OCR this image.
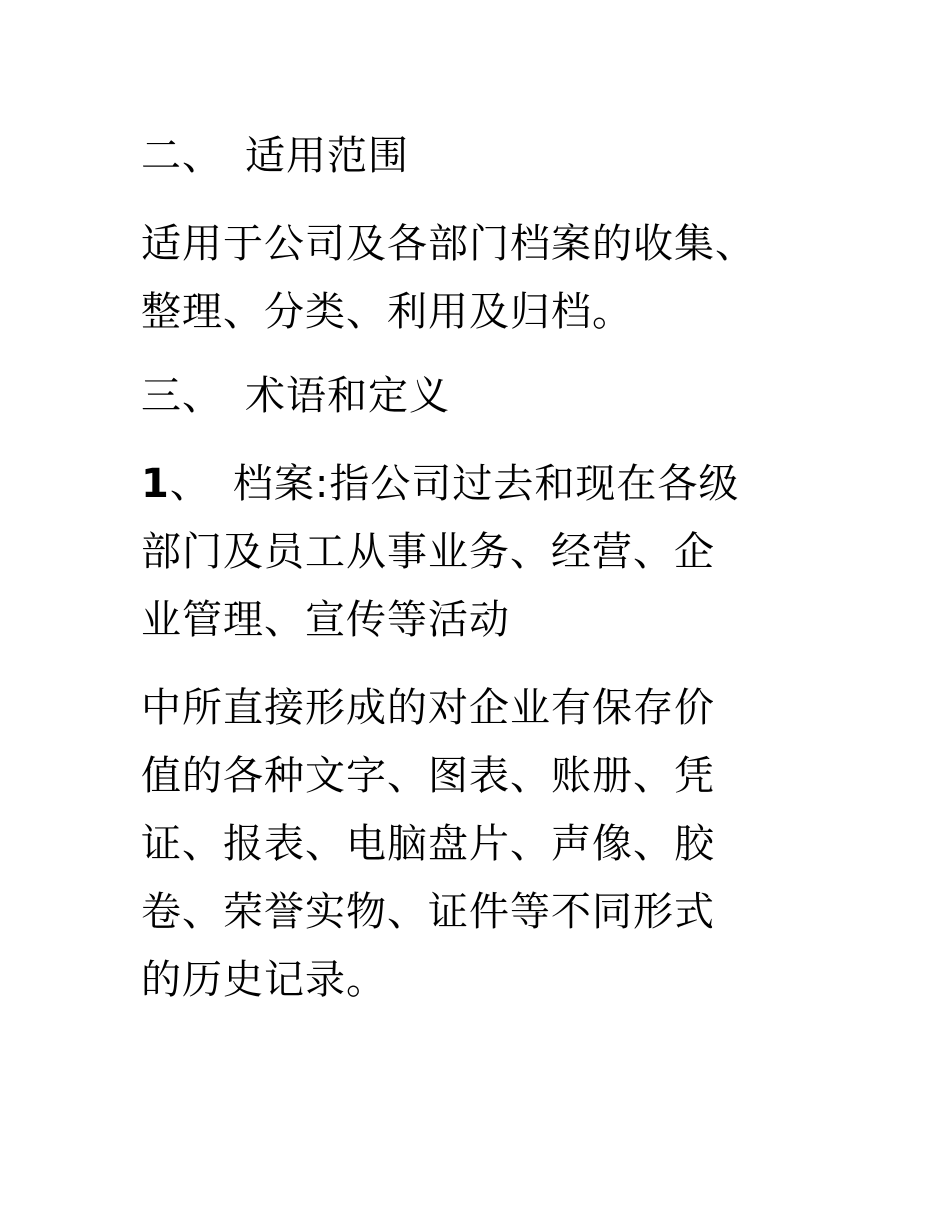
二、 适用范围
适用于公司及各部门档案的收集、
整理、分类、利用及归档。
三、 术语和定义
1、 档案:指公司过去和现在各级
部门及员工从事业务、经营、企
业管理、宣传等活动
中所直接形成的对企业有保存价
值的各种文字、图表、账册、凭
证、报表、电脑盘片、声像、胶
卷、荣誉实物、证件等不同形式
的历史记录。
